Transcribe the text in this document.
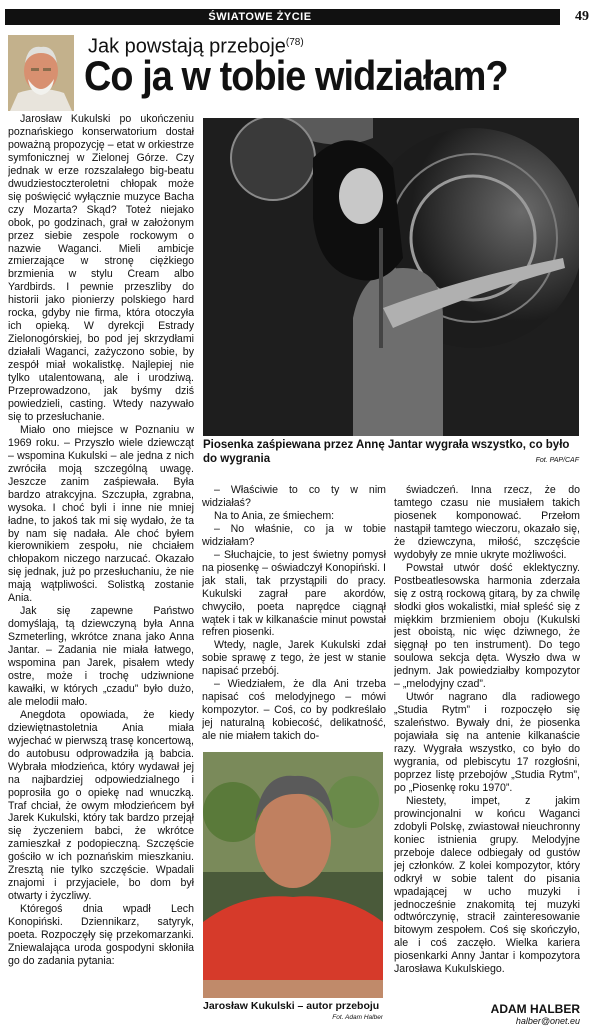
ŚWIATOWE ŻYCIE	49
Jak powstają przeboje$^{(78)}$
Co ja w tobie widziałam?

Jarosław Kukulski po ukończeniu poznańskiego konserwatorium dostał poważną propozycję – etat w orkiestrze symfonicznej w Zielonej Górze. Czy jednak w erze rozszalałego big-beatu dwudziestoczteroletni chłopak może się poświęcić wyłącznie muzyce Bacha czy Mozarta? Skąd? Toteż niejako obok, po godzinach, grał w założonym przez siebie zespole rockowym o nazwie Waganci. Mieli ambicje zmierzające w stronę ciężkiego brzmienia w stylu Cream albo Yardbirds. I pewnie przeszliby do historii jako pionierzy polskiego hard rocka, gdyby nie firma, która otoczyła ich opieką. W dyrekcji Estrady Zielonogórskiej, bo pod jej skrzydłami działali Waganci, zażyczono sobie, by zespół miał wokalistkę. Najlepiej nie tylko utalentowaną, ale i urodziwą. Przeprowadzono, jak byśmy dziś powiedzieli, casting. Wtedy nazywało się to przesłuchanie.

Miało ono miejsce w Poznaniu w 1969 roku. – Przyszło wiele dziewcząt – wspomina Kukulski – ale jedna z nich zwróciła moją szczególną uwagę. Jeszcze zanim zaśpiewała. Była bardzo atrakcyjna. Szczupła, zgrabna, wysoka. I choć byli i inne nie mniej ładne, to jakoś tak mi się wydało, że ta by nam się nadała. Ale choć byłem kierownikiem zespołu, nie chciałem chłopakom niczego narzucać. Okazało się jednak, już po przesłuchaniu, że nie mają wątpliwości. Solistką zostanie Ania.

Jak się zapewne Państwo domyślają, tą dziewczyną była Anna Szmeterling, wkrótce znana jako Anna Jantar. – Zadania nie miała łatwego, wspomina pan Jarek, pisałem wtedy ostre, może i trochę udziwnione kawałki, w których „czadu” było dużo, ale melodii mało.

Anegdota opowiada, że kiedy dziewiętnastoletnia Ania miała wyjechać w pierwszą trasę koncertową, do autobusu odprowadziła ją babcia. Wybrała młodzieńca, który wydawał jej na najbardziej odpowiedzialnego i poprosiła go o opiekę nad wnuczką. Traf chciał, że owym młodzieńcem był Jarek Kukulski, który tak bardzo przejął się życzeniem babci, że wkrótce zamieszkał z podopieczną. Szczęście gościło w ich poznańskim mieszkaniu. Zresztą nie tylko szczęście. Wpadali znajomi i przyjaciele, bo dom był otwarty i życzliwy.

Któregoś dnia wpadł Lech Konopiński. Dziennikarz, satyryk, poeta. Rozpoczęły się przekomarzanki. Zniewalająca uroda gospodyni skłoniła go do zadania pytania:

Piosenka zaśpiewana przez Annę Jantar wygrała wszystko, co było do wygrania	Fot. PAP/CAF

– Właściwie to co ty w nim widziałaś?

Na to Ania, ze śmiechem:

– No właśnie, co ja w tobie widziałam?

– Słuchajcie, to jest świetny pomysł na piosenkę – oświadczył Konopiński. I jak stali, tak przystąpili do pracy. Kukulski zagrał pare akordów, chwyciło, poeta naprędce ciągnął wątek i tak w kilkanaście minut powstał refren piosenki.

Wtedy, nagle, Jarek Kukulski zdał sobie sprawę z tego, że jest w stanie napisać przebój.

– Wiedziałem, że dla Ani trzeba napisać coś melodyjnego – mówi kompozytor. – Coś, co by podkreślało jej naturalną kobiecość, delikatność, ale nie miałem takich do-

Jarosław Kukulski – autor przeboju
Fot. Adam Halber

świadczeń. Inna rzecz, że do tamtego czasu nie musiałem takich piosenek komponować. Przełom nastąpił tamtego wieczoru, okazało się, że dziewczyna, miłość, szczęście wydobyły ze mnie ukryte możliwości.

Powstał utwór dość eklektyczny. Postbeatlesowska harmonia zderzała się z ostrą rockową gitarą, by za chwilę słodki głos wokalistki, miał spleść się z miękkim brzmieniem oboju (Kukulski jest oboistą, nic więc dziwnego, że sięgnął po ten instrument). Do tego soulowa sekcja dęta. Wyszło dwa w jednym. Jak powiedziałby kompozytor – „melodyjny czad”.

Utwór nagrano dla radiowego „Studia Rytm” i rozpoczęło się szaleństwo. Bywały dni, że piosenka pojawiała się na antenie kilkanaście razy. Wygrała wszystko, co było do wygrania, od plebiscytu 17 rozgłośni, poprzez listę przebojów „Studia Rytm”, po „Piosenkę roku 1970”.

Niestety, impet, z jakim prowincjonalni w końcu Waganci zdobyli Polskę, zwiastował nieuchronny koniec istnienia grupy. Melodyjne przeboje dalece odbiegały od gustów jej członków. Z kolei kompozytor, który odkrył w sobie talent do pisania wpadającej w ucho muzyki i jednocześnie znakomitą tej muzyki odtwórczynię, stracił zainteresowanie bitowym zespołem. Coś się skończyło, ale i coś zaczęło. Wielka kariera piosenkarki Anny Jantar i kompozytora Jarosława Kukulskiego.

ADAM HALBER
halber@onet.eu
